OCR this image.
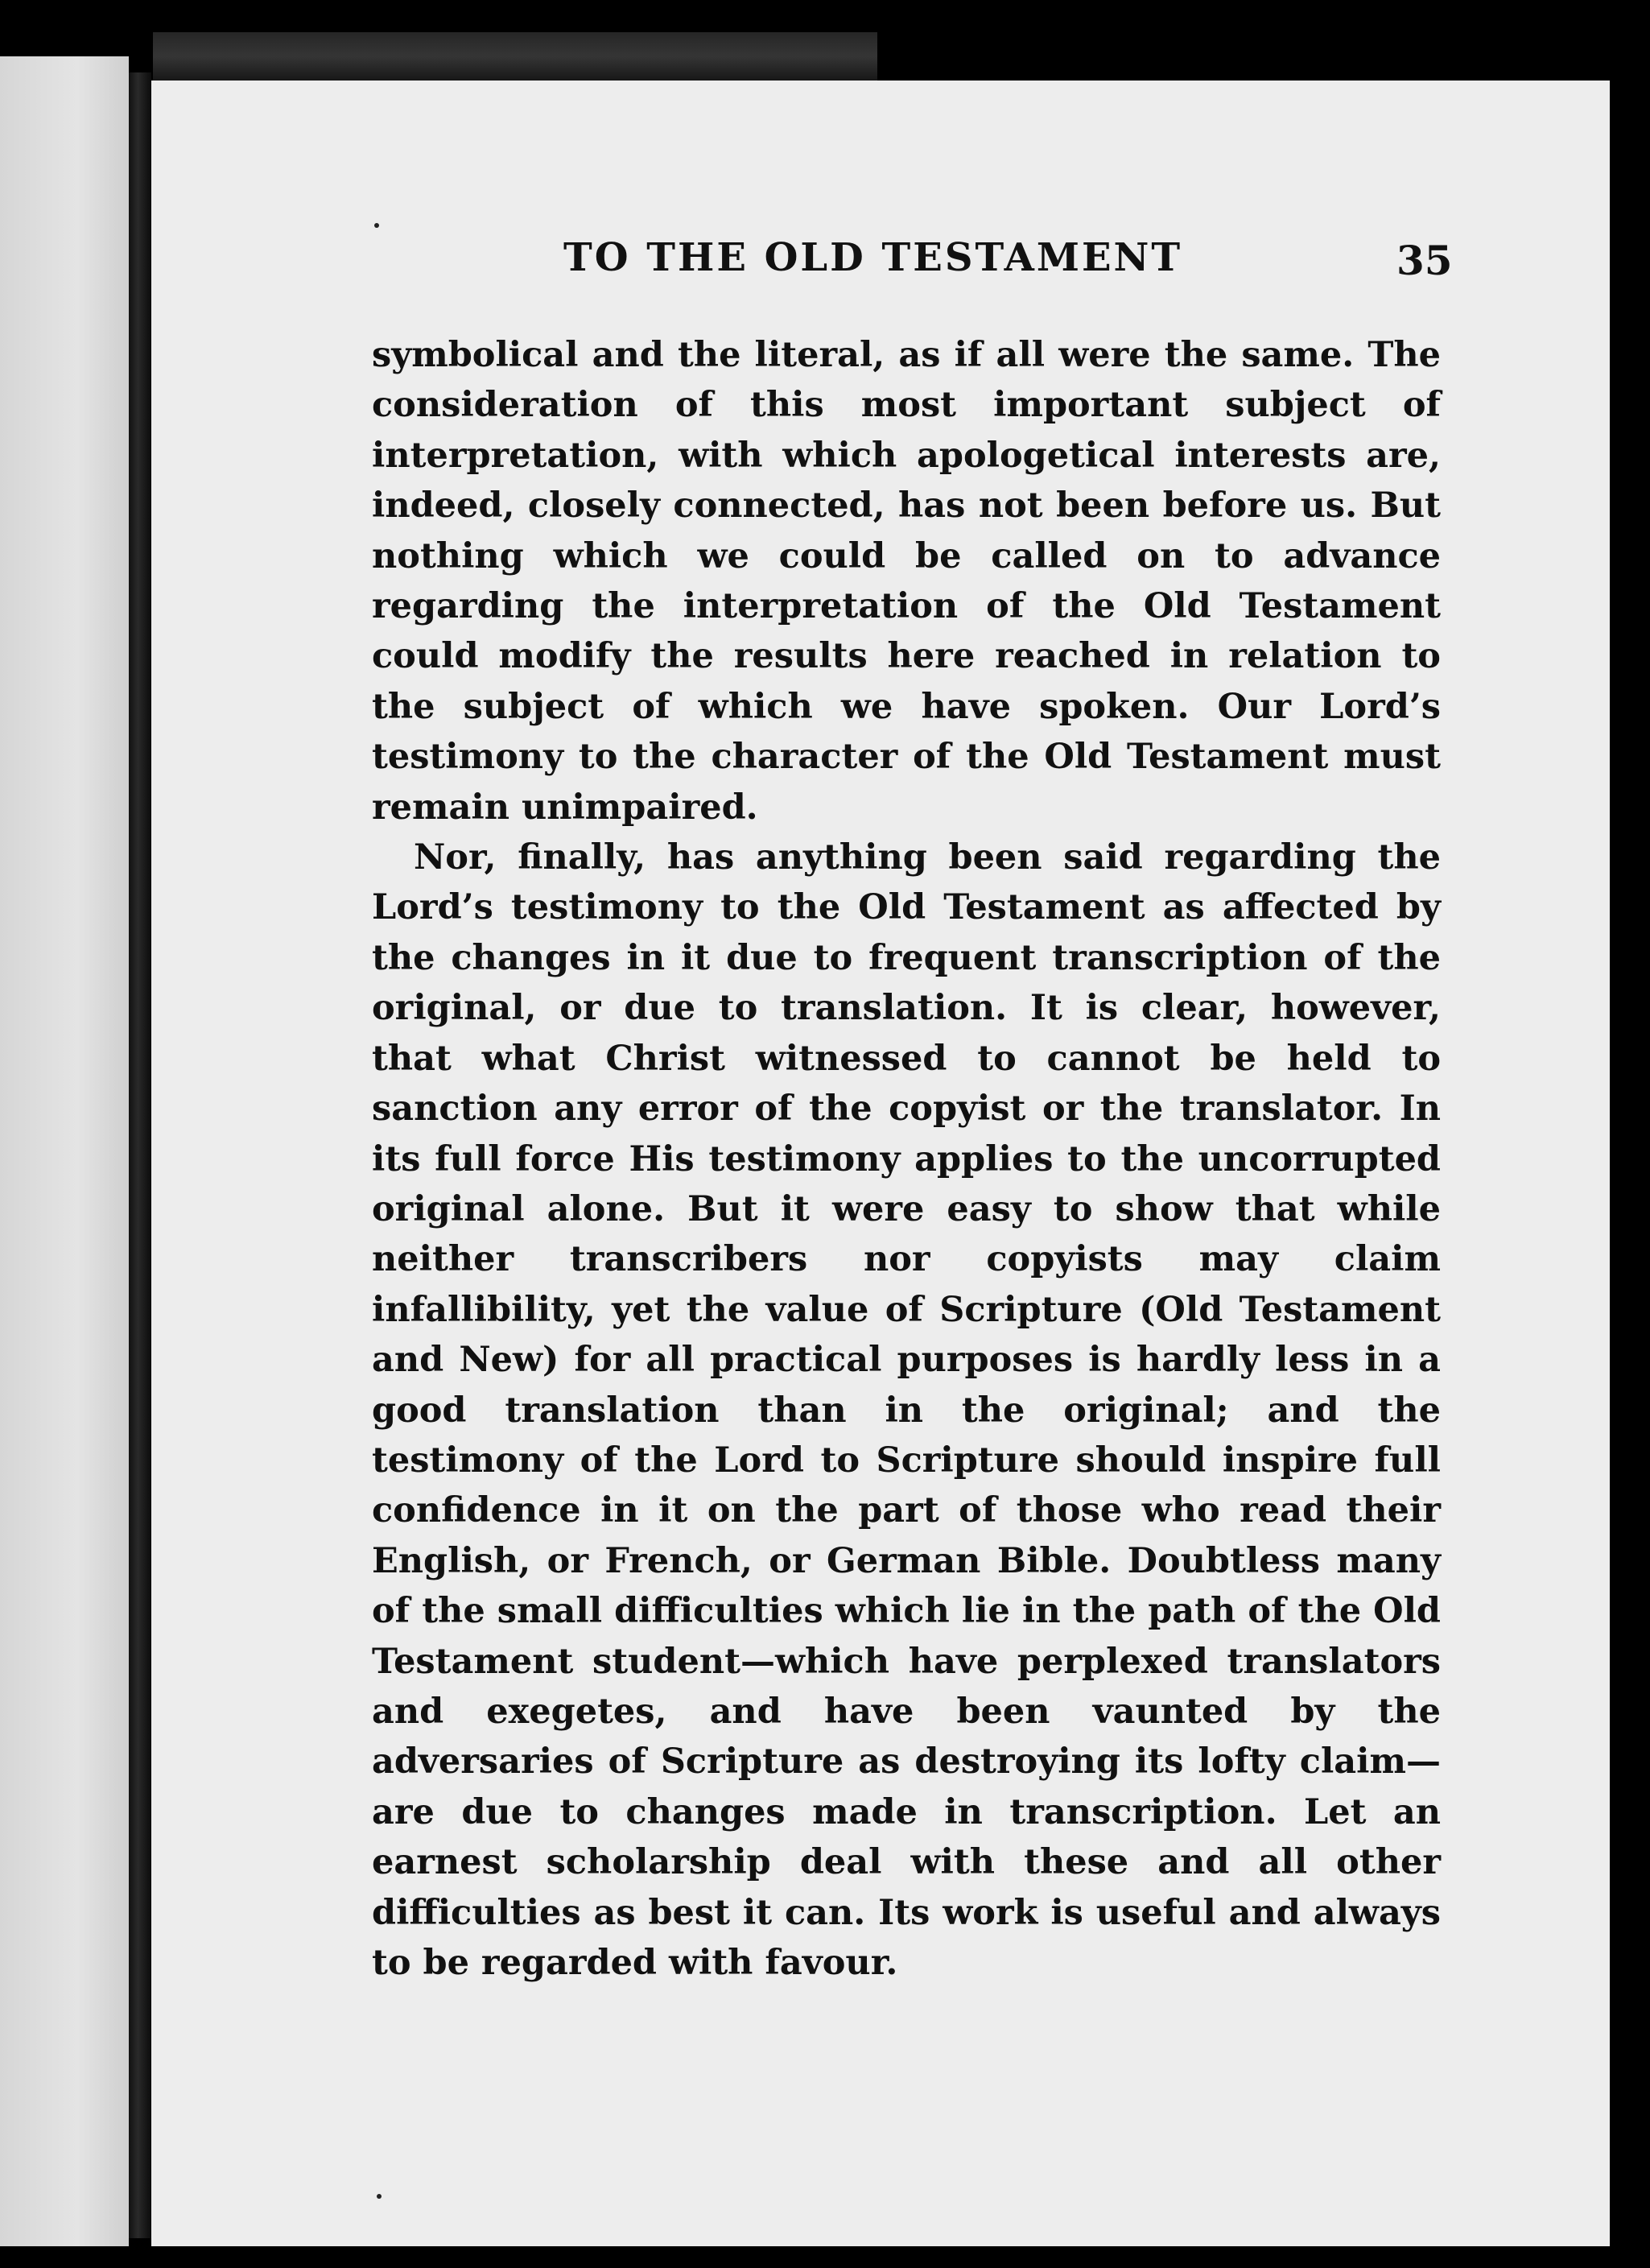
TO THE OLD TESTAMENT	35

symbolical and the literal, as if all were the same. The consideration of this most important subject of interpretation, with which apologetical interests are, indeed, closely connected, has not been before us. But nothing which we could be called on to advance regarding the interpretation of the Old Testament could modify the results here reached in relation to the subject of which we have spoken. Our Lord’s testimony to the character of the Old Testament must remain unimpaired.

Nor, finally, has anything been said regarding the Lord’s testimony to the Old Testament as affected by the changes in it due to frequent transcription of the original, or due to translation. It is clear, however, that what Christ witnessed to cannot be held to sanction any error of the copyist or the translator. In its full force His testimony applies to the uncorrupted original alone. But it were easy to show that while neither transcribers nor copyists may claim infallibility, yet the value of Scripture (Old Testament and New) for all practical purposes is hardly less in a good translation than in the original; and the testimony of the Lord to Scripture should inspire full confidence in it on the part of those who read their English, or French, or German Bible. Doubtless many of the small difficulties which lie in the path of the Old Testament student—which have perplexed translators and exegetes, and have been vaunted by the adversaries of Scripture as destroying its lofty claim—are due to changes made in transcription. Let an earnest scholarship deal with these and all other difficulties as best it can. Its work is useful and always to be regarded with favour.
